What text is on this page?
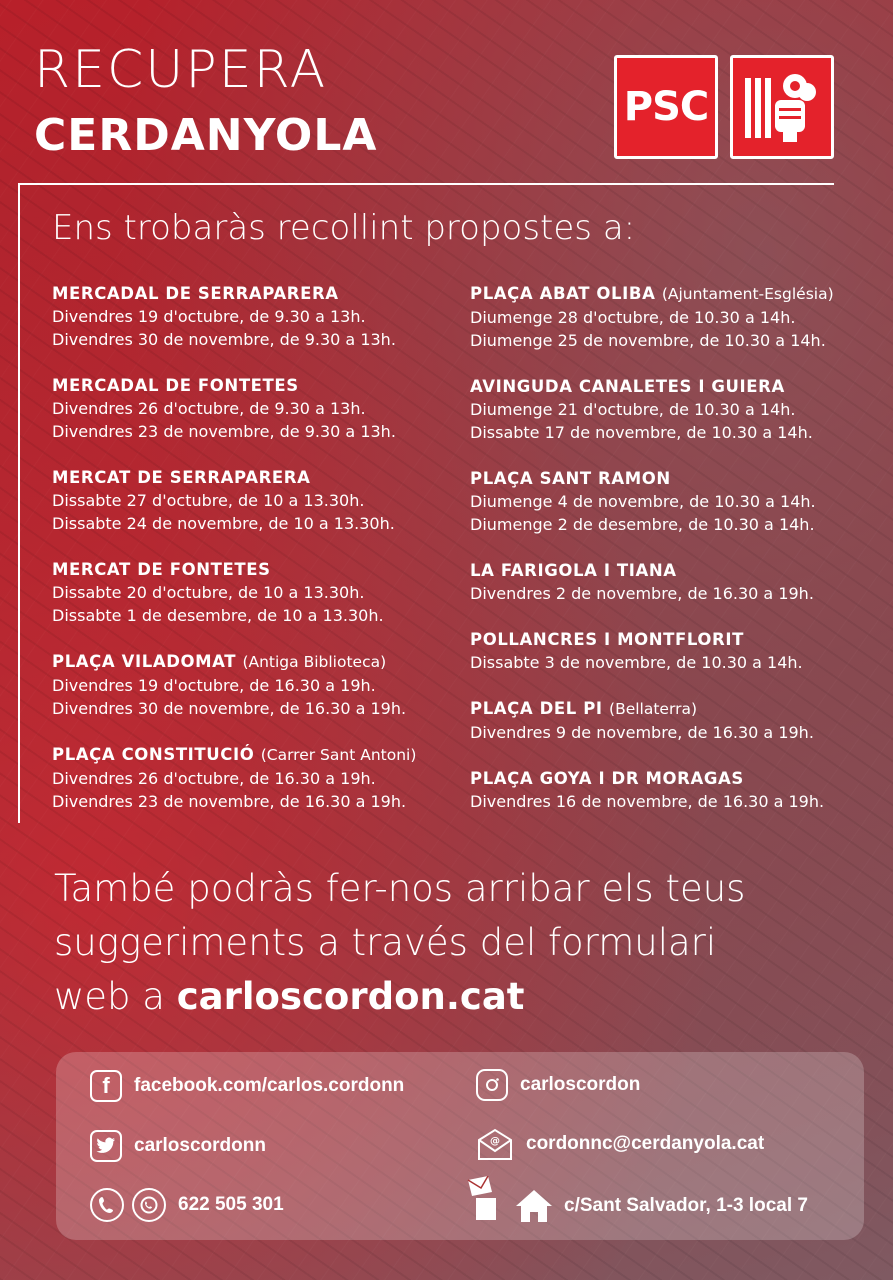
RECUPERA
CERDANYOLA
PSC
Ens trobaràs recollint propostes a:
MERCADAL DE SERRAPARERA
Divendres 19 d'octubre, de 9.30 a 13h.
Divendres 30 de novembre, de 9.30 a 13h.
MERCADAL DE FONTETES
Divendres 26 d'octubre, de 9.30 a 13h.
Divendres 23 de novembre, de 9.30 a 13h.
MERCAT DE SERRAPARERA
Dissabte 27 d'octubre, de 10 a 13.30h.
Dissabte 24 de novembre, de 10 a 13.30h.
MERCAT DE FONTETES
Dissabte 20 d'octubre, de 10 a 13.30h.
Dissabte 1 de desembre, de 10 a 13.30h.
PLAÇA VILADOMAT (Antiga Biblioteca)
Divendres 19 d'octubre, de 16.30 a 19h.
Divendres 30 de novembre, de 16.30 a 19h.
PLAÇA CONSTITUCIÓ (Carrer Sant Antoni)
Divendres 26 d'octubre, de 16.30 a 19h.
Divendres 23 de novembre, de 16.30 a 19h.
PLAÇA ABAT OLIBA (Ajuntament-Església)
Diumenge 28 d'octubre, de 10.30 a 14h.
Diumenge 25 de novembre, de 10.30 a 14h.
AVINGUDA CANALETES I GUIERA
Diumenge 21 d'octubre, de 10.30 a 14h.
Dissabte 17 de novembre, de 10.30 a 14h.
PLAÇA SANT RAMON
Diumenge 4 de novembre, de 10.30 a 14h.
Diumenge 2 de desembre, de 10.30 a 14h.
LA FARIGOLA I TIANA
Divendres 2 de novembre, de 16.30 a 19h.
POLLANCRES I MONTFLORIT
Dissabte 3 de novembre, de 10.30 a 14h.
PLAÇA DEL PI (Bellaterra)
Divendres 9 de novembre, de 16.30 a 19h.
PLAÇA GOYA I DR MORAGAS
Divendres 16 de novembre, de 16.30 a 19h.
També podràs fer-nos arribar els teus
suggeriments a través del formulari
web a carloscordon.cat
f	facebook.com/carlos.cordonn	carloscordon
carloscordonn	@ cordonnc@cerdanyola.cat
622 505 301	c/Sant Salvador, 1-3 local 7
